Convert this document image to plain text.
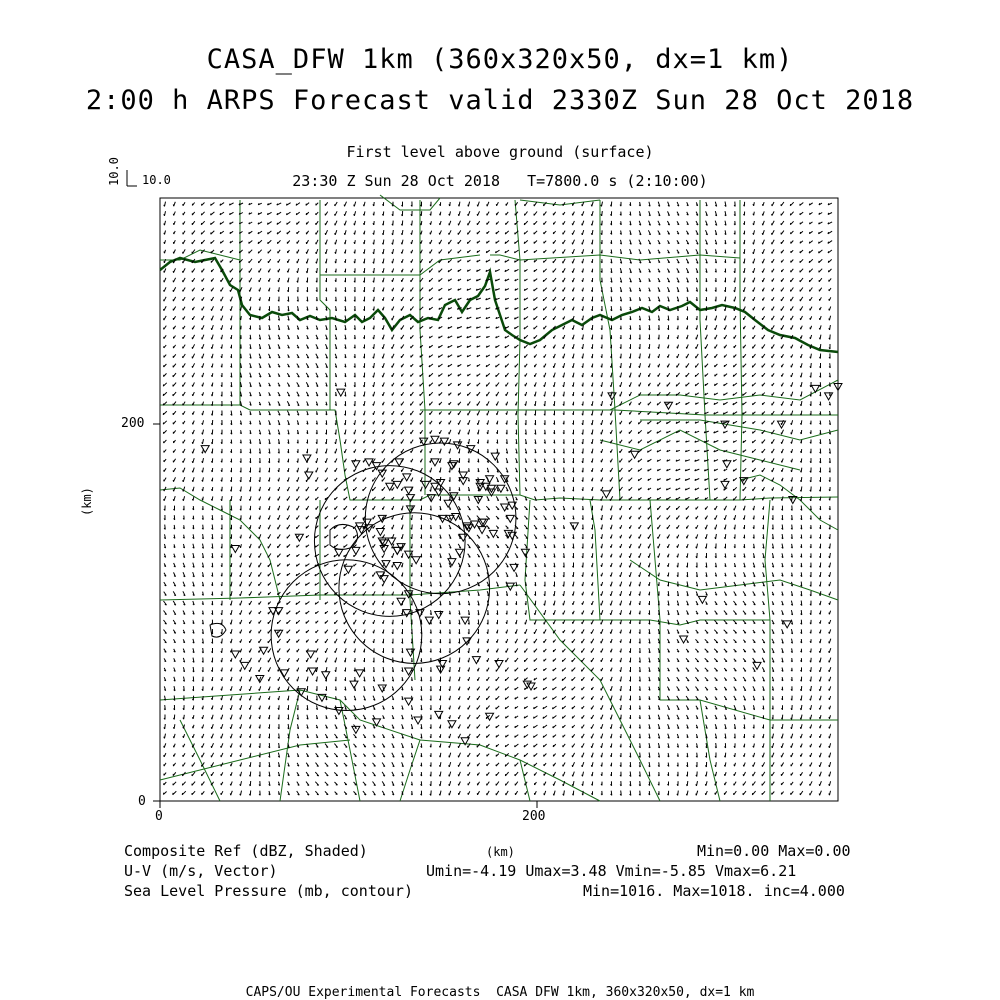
CASA_DFW 1km (360x320x50, dx=1 km)
2:00 h ARPS Forecast valid 2330Z Sun 28 Oct 2018
First level above ground (surface)
23:30 Z Sun 28 Oct 2018   T=7800.0 s (2:10:00)
10.0
10.0
0	200
0
200
(km)
Composite Ref (dBZ, Shaded)	Min=0.00 Max=0.00
(km)
U-V (m/s, Vector)	Umin=-4.19 Umax=3.48 Vmin=-5.85 Vmax=6.21
Sea Level Pressure (mb, contour)	Min=1016. Max=1018. inc=4.000
CAPS/OU Experimental Forecasts  CASA DFW 1km, 360x320x50, dx=1 km
